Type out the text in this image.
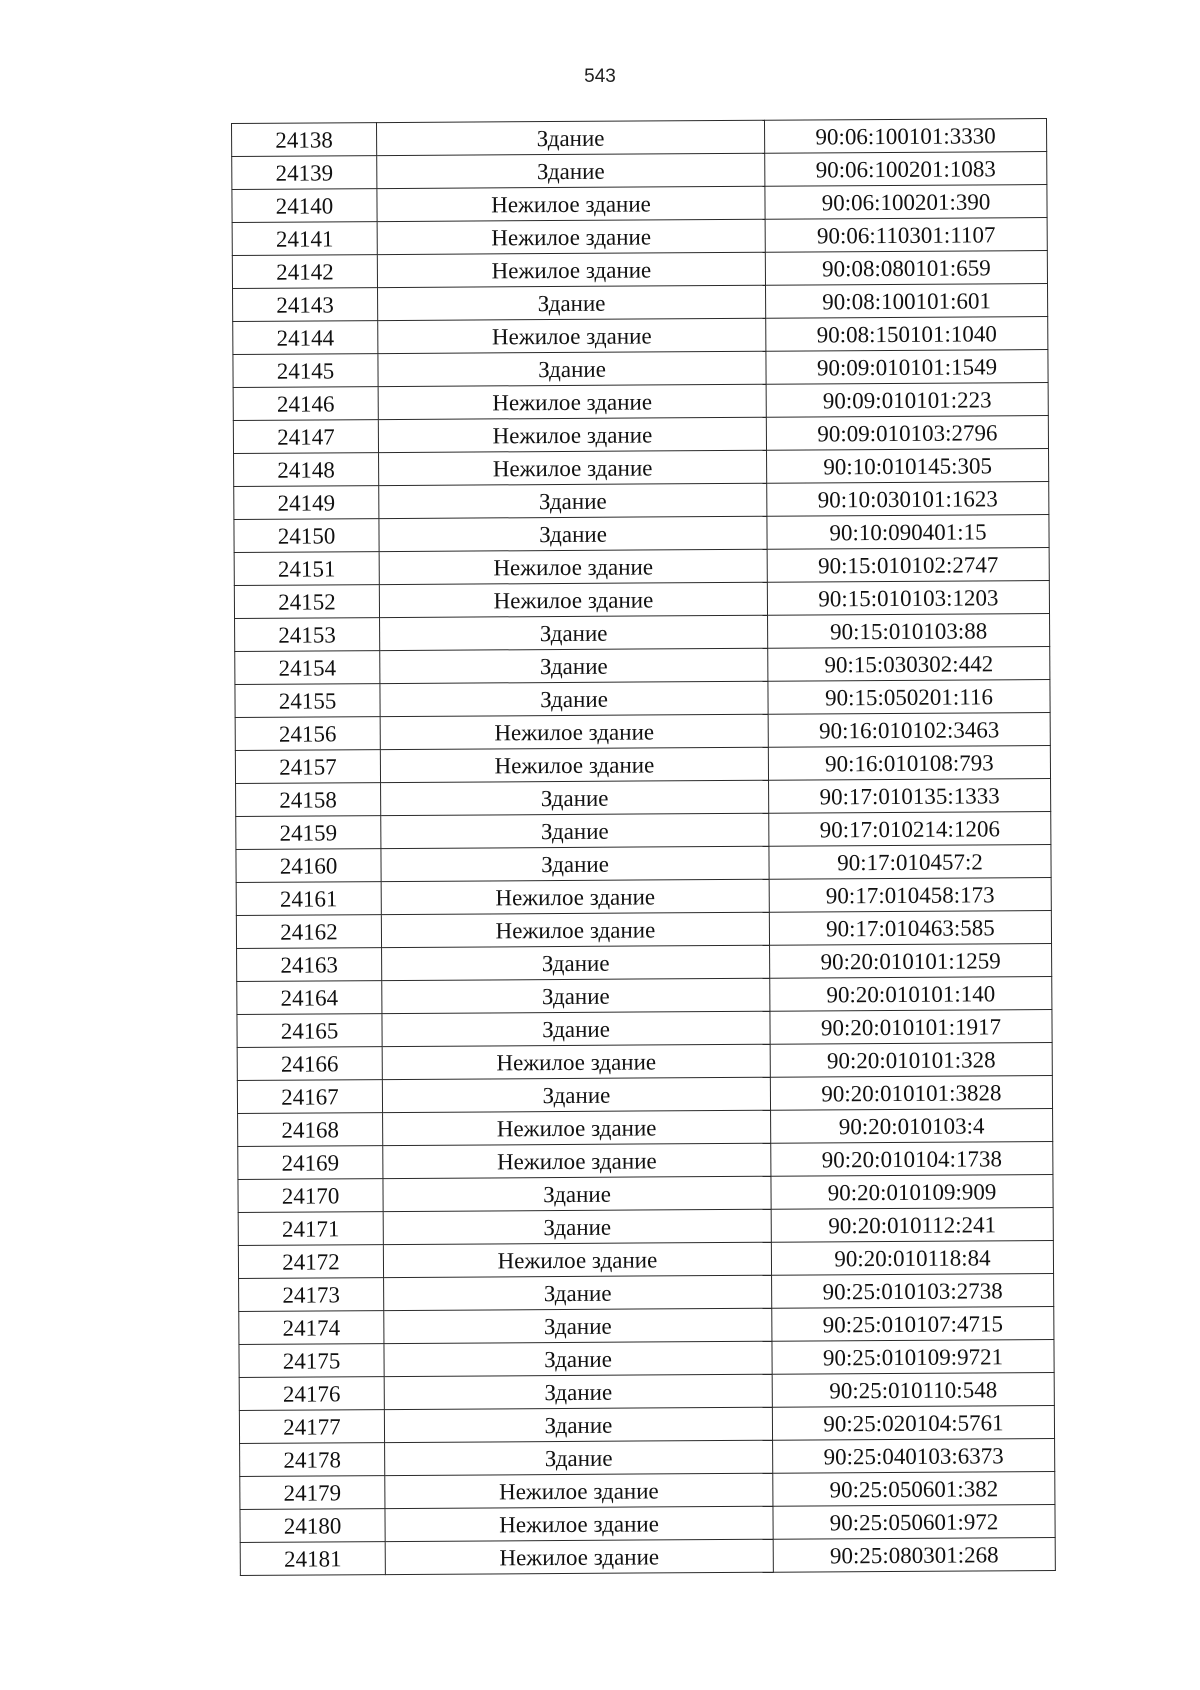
543
24138	Здание	90:06:100101:3330
24139	Здание	90:06:100201:1083
24140	Нежилое здание	90:06:100201:390
24141	Нежилое здание	90:06:110301:1107
24142	Нежилое здание	90:08:080101:659
24143	Здание	90:08:100101:601
24144	Нежилое здание	90:08:150101:1040
24145	Здание	90:09:010101:1549
24146	Нежилое здание	90:09:010101:223
24147	Нежилое здание	90:09:010103:2796
24148	Нежилое здание	90:10:010145:305
24149	Здание	90:10:030101:1623
24150	Здание	90:10:090401:15
24151	Нежилое здание	90:15:010102:2747
24152	Нежилое здание	90:15:010103:1203
24153	Здание	90:15:010103:88
24154	Здание	90:15:030302:442
24155	Здание	90:15:050201:116
24156	Нежилое здание	90:16:010102:3463
24157	Нежилое здание	90:16:010108:793
24158	Здание	90:17:010135:1333
24159	Здание	90:17:010214:1206
24160	Здание	90:17:010457:2
24161	Нежилое здание	90:17:010458:173
24162	Нежилое здание	90:17:010463:585
24163	Здание	90:20:010101:1259
24164	Здание	90:20:010101:140
24165	Здание	90:20:010101:1917
24166	Нежилое здание	90:20:010101:328
24167	Здание	90:20:010101:3828
24168	Нежилое здание	90:20:010103:4
24169	Нежилое здание	90:20:010104:1738
24170	Здание	90:20:010109:909
24171	Здание	90:20:010112:241
24172	Нежилое здание	90:20:010118:84
24173	Здание	90:25:010103:2738
24174	Здание	90:25:010107:4715
24175	Здание	90:25:010109:9721
24176	Здание	90:25:010110:548
24177	Здание	90:25:020104:5761
24178	Здание	90:25:040103:6373
24179	Нежилое здание	90:25:050601:382
24180	Нежилое здание	90:25:050601:972
24181	Нежилое здание	90:25:080301:268
